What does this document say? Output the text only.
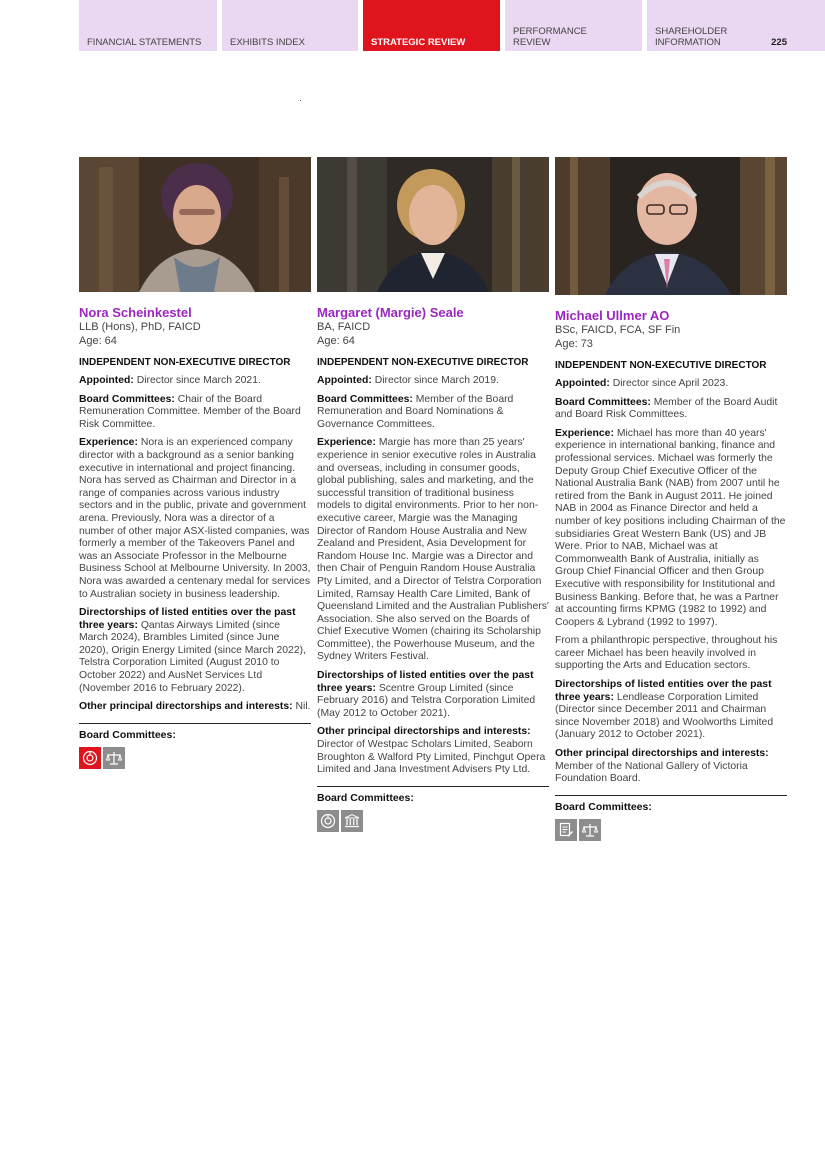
FINANCIAL STATEMENTS	EXHIBITS INDEX	STRATEGIC REVIEW
PERFORMANCE REVIEW
SHAREHOLDER INFORMATION	225
Nora Scheinkestel
LLB (Hons), PhD, FAICD
Age: 64
INDEPENDENT NON-EXECUTIVE DIRECTOR
Appointed: Director since March 2021.
Board Committees: Chair of the Board Remuneration Committee. Member of the Board Risk Committee.
Experience: Nora is an experienced company director with a background as a senior banking executive in international and project financing. Nora has served as Chairman and Director in a range of companies across various industry sectors and in the public, private and government arena. Previously, Nora was a director of a number of other major ASX-listed companies, was formerly a member of the Takeovers Panel and was an Associate Professor in the Melbourne Business School at Melbourne University. In 2003, Nora was awarded a centenary medal for services to Australian society in business leadership.
Directorships of listed entities over the past three years: Qantas Airways Limited (since March 2024), Brambles Limited (since June 2020), Origin Energy Limited (since March 2022), Telstra Corporation Limited (August 2010 to October 2022) and AusNet Services Ltd (November 2016 to February 2022).
Other principal directorships and interests: Nil.
Board Committees:
Margaret (Margie) Seale
BA, FAICD
Age: 64
INDEPENDENT NON-EXECUTIVE DIRECTOR
Appointed: Director since March 2019.
Board Committees: Member of the Board Remuneration and Board Nominations & Governance Committees.
Experience: Margie has more than 25 years' experience in senior executive roles in Australia and overseas, including in consumer goods, global publishing, sales and marketing, and the successful transition of traditional business models to digital environments. Prior to her non-executive career, Margie was the Managing Director of Random House Australia and New Zealand and President, Asia Development for Random House Inc. Margie was a Director and then Chair of Penguin Random House Australia Pty Limited, and a Director of Telstra Corporation Limited, Ramsay Health Care Limited, Bank of Queensland Limited and the Australian Publishers' Association. She also served on the Boards of Chief Executive Women (chairing its Scholarship Committee), the Powerhouse Museum, and the Sydney Writers Festival.
Directorships of listed entities over the past three years: Scentre Group Limited (since February 2016) and Telstra Corporation Limited (May 2012 to October 2021).
Other principal directorships and interests: Director of Westpac Scholars Limited, Seaborn Broughton & Walford Pty Limited, Pinchgut Opera Limited and Jana Investment Advisers Pty Ltd.
Board Committees:
Michael Ullmer AO
BSc, FAICD, FCA, SF Fin
Age: 73
INDEPENDENT NON-EXECUTIVE DIRECTOR
Appointed: Director since April 2023.
Board Committees: Member of the Board Audit and Board Risk Committees.
Experience: Michael has more than 40 years' experience in international banking, finance and professional services. Michael was formerly the Deputy Group Chief Executive Officer of the National Australia Bank (NAB) from 2007 until he retired from the Bank in August 2011. He joined NAB in 2004 as Finance Director and held a number of key positions including Chairman of the subsidiaries Great Western Bank (US) and JB Were. Prior to NAB, Michael was at Commonwealth Bank of Australia, initially as Group Chief Financial Officer and then Group Executive with responsibility for Institutional and Business Banking. Before that, he was a Partner at accounting firms KPMG (1982 to 1992) and Coopers & Lybrand (1992 to 1997).
From a philanthropic perspective, throughout his career Michael has been heavily involved in supporting the Arts and Education sectors.
Directorships of listed entities over the past three years: Lendlease Corporation Limited (Director since December 2011 and Chairman since November 2018) and Woolworths Limited (January 2012 to October 2021).
Other principal directorships and interests: Member of the National Gallery of Victoria Foundation Board.
Board Committees:
